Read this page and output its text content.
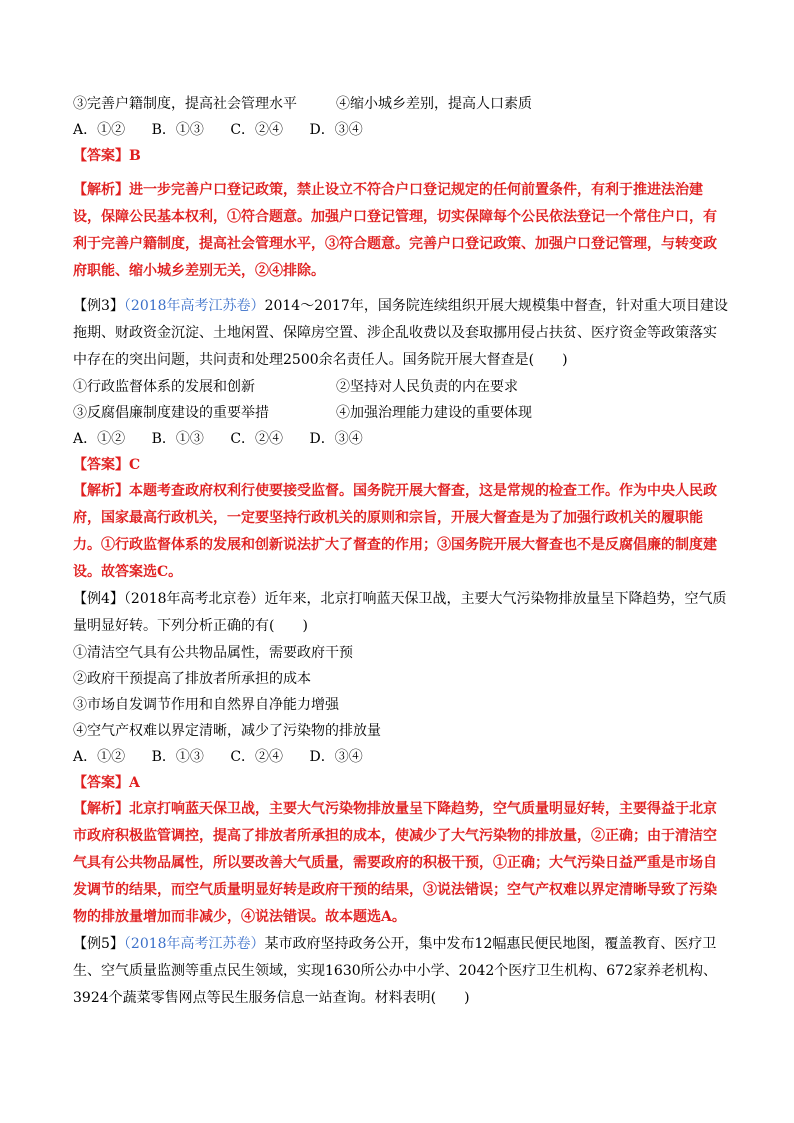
③完善户籍制度，提高社会管理水平	④缩小城乡差别，提高人口素质
A．①② B．①③ C．②④ D．③④
【答案】B
【解析】进一步完善户口登记政策，禁止设立不符合户口登记规定的任何前置条件，有利于推进法治建设，保障公民基本权利，①符合题意。加强户口登记管理，切实保障每个公民依法登记一个常住户口，有利于完善户籍制度，提高社会管理水平，③符合题意。完善户口登记政策、加强户口登记管理，与转变政府职能、缩小城乡差别无关，②④排除。
【例3】（2018年高考江苏卷）2014～2017年，国务院连续组织开展大规模集中督查，针对重大项目建设拖期、财政资金沉淀、土地闲置、保障房空置、涉企乱收费以及套取挪用侵占扶贫、医疗资金等政策落实中存在的突出问题，共问责和处理2500余名责任人。国务院开展大督查是(　　)
①行政监督体系的发展和创新	②坚持对人民负责的内在要求
③反腐倡廉制度建设的重要举措	④加强治理能力建设的重要体现
A．①② B．①③ C．②④ D．③④
【答案】C
【解析】本题考查政府权利行使要接受监督。国务院开展大督查，这是常规的检查工作。作为中央人民政府，国家最高行政机关，一定要坚持行政机关的原则和宗旨，开展大督查是为了加强行政机关的履职能力。①行政监督体系的发展和创新说法扩大了督查的作用；③国务院开展大督查也不是反腐倡廉的制度建设。故答案选C。
【例4】（2018年高考北京卷）近年来，北京打响蓝天保卫战，主要大气污染物排放量呈下降趋势，空气质量明显好转。下列分析正确的有(　　)
①清洁空气具有公共物品属性，需要政府干预
②政府干预提高了排放者所承担的成本
③市场自发调节作用和自然界自净能力增强
④空气产权难以界定清晰，减少了污染物的排放量
A．①② B．①③ C．②④ D．③④
【答案】A
【解析】北京打响蓝天保卫战，主要大气污染物排放量呈下降趋势，空气质量明显好转，主要得益于北京市政府积极监管调控，提高了排放者所承担的成本，使减少了大气污染物的排放量，②正确；由于清洁空气具有公共物品属性，所以要改善大气质量，需要政府的积极干预，①正确；大气污染日益严重是市场自发调节的结果，而空气质量明显好转是政府干预的结果，③说法错误；空气产权难以界定清晰导致了污染物的排放量增加而非减少，④说法错误。故本题选A。
【例5】（2018年高考江苏卷）某市政府坚持政务公开，集中发布12幅惠民便民地图，覆盖教育、医疗卫生、空气质量监测等重点民生领域，实现1630所公办中小学、2042个医疗卫生机构、672家养老机构、3924个蔬菜零售网点等民生服务信息一站查询。材料表明(　　)
